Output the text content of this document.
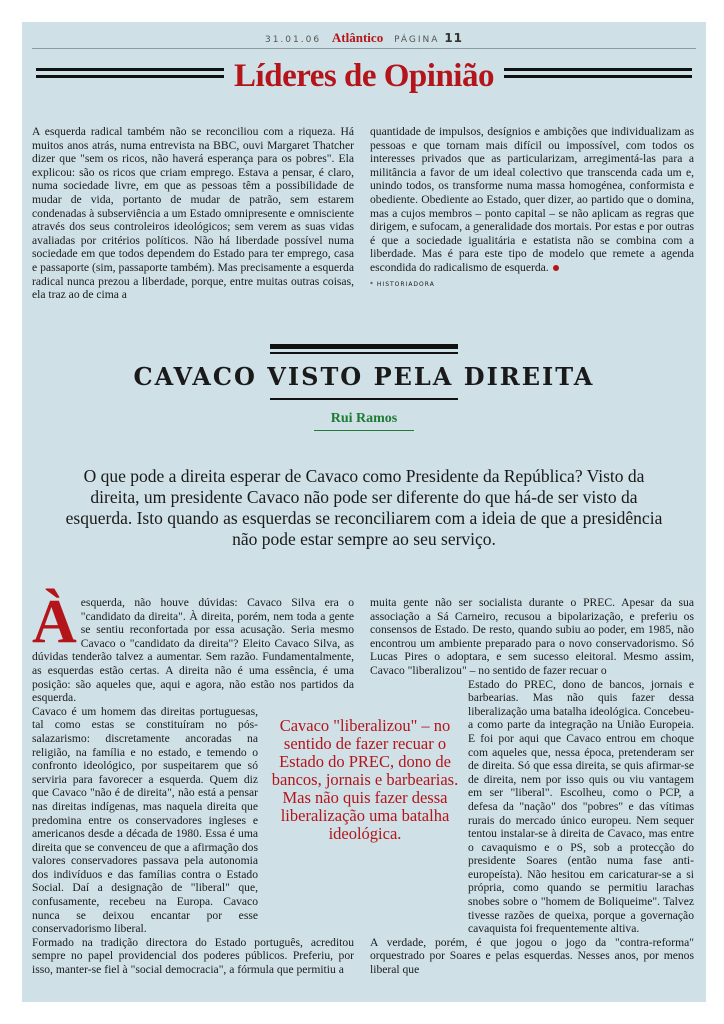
31.01.06 Atlântico PÁGINA 11
Líderes de Opinião

A esquerda radical também não se reconciliou com a riqueza. Há muitos anos atrás, numa entrevista na BBC, ouvi Margaret Thatcher dizer que "sem os ricos, não haverá esperança para os pobres". Ela explicou: são os ricos que criam emprego. Estava a pensar, é claro, numa sociedade livre, em que as pessoas têm a possibilidade de mudar de vida, portanto de mudar de patrão, sem estarem condenadas à subserviência a um Estado omnipresente e omnisciente através dos seus controleiros ideológicos; sem verem as suas vidas avaliadas por critérios políticos. Não há liberdade possível numa sociedade em que todos dependem do Estado para ter emprego, casa e passaporte (sim, passaporte também). Mas precisamente a esquerda radical nunca prezou a liberdade, porque, entre muitas outras coisas, ela traz ao de cima a

quantidade de impulsos, desígnios e ambições que individualizam as pessoas e que tornam mais difícil ou impossível, com todos os interesses privados que as particularizam, arregimentá-las para a militância a favor de um ideal colectivo que transcenda cada um e, unindo todos, os transforme numa massa homogénea, conformista e obediente. Obediente ao Estado, quer dizer, ao partido que o domina, mas a cujos membros – ponto capital – se não aplicam as regras que dirigem, e sufocam, a generalidade dos mortais. Por estas e por outras é que a sociedade igualitária e estatista não se combina com a liberdade. Mas é para este tipo de modelo que remete a agenda escondida do radicalismo de esquerda.

* HISTORIADORA
CAVACO VISTO PELA DIREITA
Rui Ramos
O que pode a direita esperar de Cavaco como Presidente da República? Visto da direita, um presidente Cavaco não pode ser diferente do que há-de ser visto da esquerda. Isto quando as esquerdas se reconciliarem com a ideia de que a presidência não pode estar sempre ao seu serviço.

Àesquerda, não houve dúvidas: Cavaco Silva era o "candidato da direita". À direita, porém, nem toda a gente se sentiu reconfortada por essa acusação. Seria mesmo Cavaco o "candidato da direita"? Eleito Cavaco Silva, as dúvidas tenderão talvez a aumentar. Sem razão. Fundamentalmente, as esquerdas estão certas. A direita não é uma essência, é uma posição: são aqueles que, aqui e agora, não estão nos partidos da esquerda.

Cavaco é um homem das direitas portuguesas, tal como estas se constituíram no pós-salazarismo: discretamente ancoradas na religião, na família e no estado, e temendo o confronto ideológico, por suspeitarem que só serviria para favorecer a esquerda. Quem diz que Cavaco "não é de direita", não está a pensar nas direitas indígenas, mas naquela direita que predomina entre os conservadores ingleses e americanos desde a década de 1980. Essa é uma direita que se convenceu de que a afirmação dos valores conservadores passava pela autonomia dos indivíduos e das famílias contra o Estado Social. Daí a designação de "liberal" que, confusamente, recebeu na Europa. Cavaco nunca se deixou encantar por esse conservadorismo liberal.

Formado na tradição directora do Estado português, acreditou sempre no papel providencial dos poderes públicos. Preferiu, por isso, manter-se fiel à "social democracia", a fórmula que permitiu a

muita gente não ser socialista durante o PREC. Apesar da sua associação a Sá Carneiro, recusou a bipolarização, e preferiu os consensos de Estado. De resto, quando subiu ao poder, em 1985, não encontrou um ambiente preparado para o novo conservadorismo. Só Lucas Pires o adoptara, e sem sucesso eleitoral. Mesmo assim, Cavaco "liberalizou" – no sentido de fazer recuar o

Estado do PREC, dono de bancos, jornais e barbearias. Mas não quis fazer dessa liberalização uma batalha ideológica. Concebeu-a como parte da integração na União Europeia. E foi por aqui que Cavaco entrou em choque com aqueles que, nessa época, pretenderam ser de direita. Só que essa direita, se quis afirmar-se de direita, nem por isso quis ou viu vantagem em ser "liberal". Escolheu, como o PCP, a defesa da "nação" dos "pobres" e das vítimas rurais do mercado único europeu. Nem sequer tentou instalar-se à direita de Cavaco, mas entre o cavaquismo e o PS, sob a protecção do presidente Soares (então numa fase anti-europeísta). Não hesitou em caricaturar-se a si própria, como quando se permitiu larachas snobes sobre o "homem de Boliqueime". Talvez tivesse razões de queixa, porque a governação cavaquista foi frequentemente altiva.

A verdade, porém, é que jogou o jogo da "contra-reforma" orquestrado por Soares e pelas esquerdas. Nesses anos, por menos liberal que

Cavaco "liberalizou" – no sentido de fazer recuar o Estado do PREC, dono de bancos, jornais e barbearias. Mas não quis fazer dessa liberalização uma batalha ideológica.
